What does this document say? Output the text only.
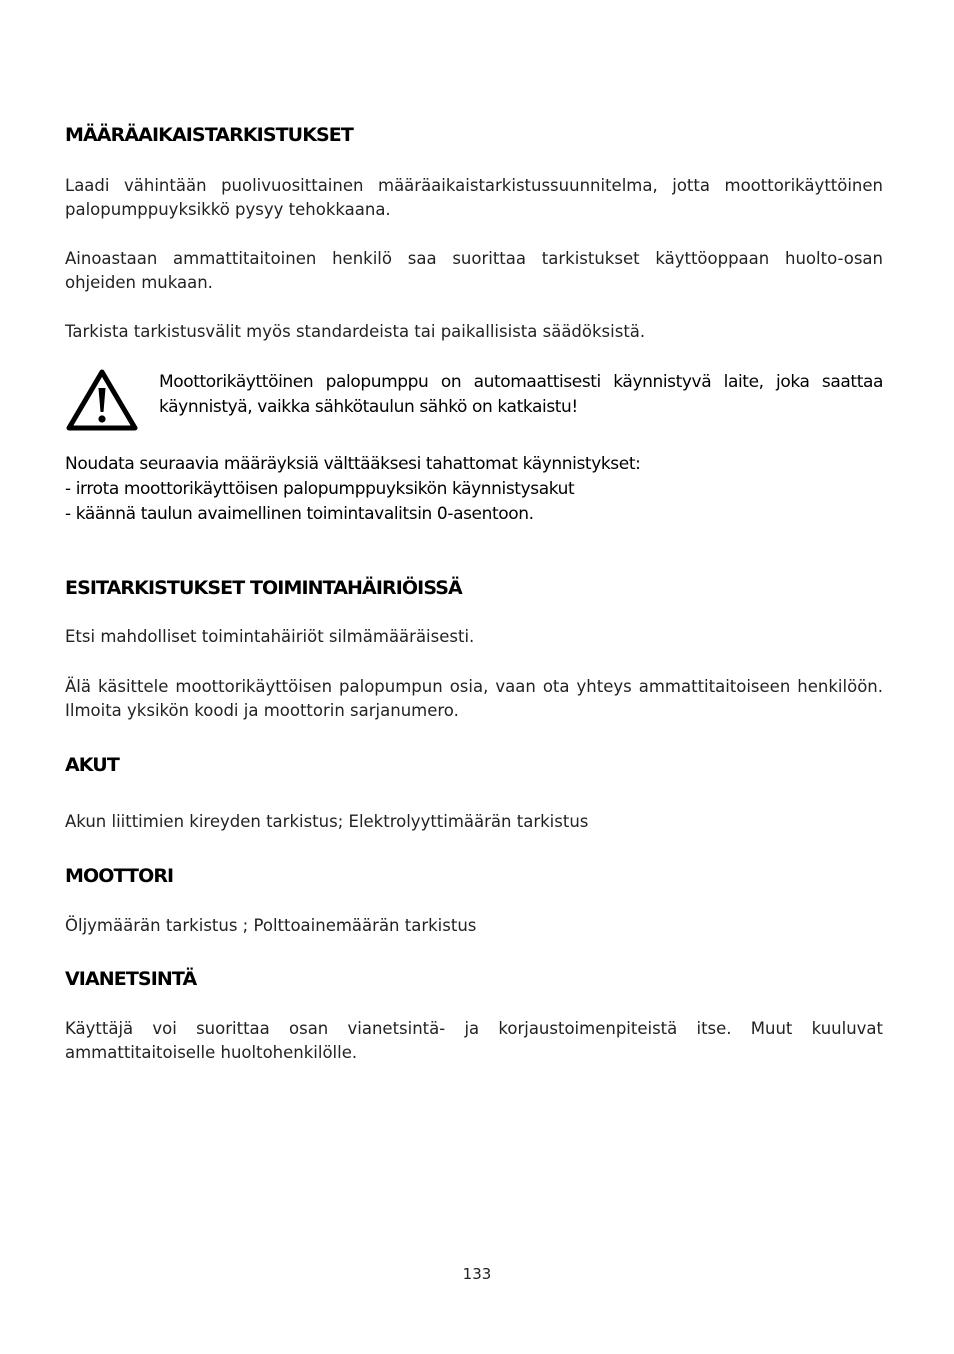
MÄÄRÄAIKAISTARKISTUKSET

Laadi vähintään puolivuosittainen määräaikaistarkistussuunnitelma, jotta moottorikäyttöinen palopumppuyksikkö pysyy tehokkaana.

Ainoastaan ammattitaitoinen henkilö saa suorittaa tarkistukset käyttöoppaan huolto-osan ohjeiden mukaan.

Tarkista tarkistusvälit myös standardeista tai paikallisista säädöksistä.

Moottorikäyttöinen palopumppu on automaattisesti käynnistyvä laite, joka saattaa käynnistyä, vaikka sähkötaulun sähkö on katkaistu!

Noudata seuraavia määräyksiä välttääksesi tahattomat käynnistykset:

- irrota moottorikäyttöisen palopumppuyksikön käynnistysakut

- käännä taulun avaimellinen toimintavalitsin 0-asentoon.

ESITARKISTUKSET TOIMINTAHÄIRIÖISSÄ

Etsi mahdolliset toimintahäiriöt silmämääräisesti.

Älä käsittele moottorikäyttöisen palopumpun osia, vaan ota yhteys ammattitaitoiseen henkilöön. Ilmoita yksikön koodi ja moottorin sarjanumero.

AKUT

Akun liittimien kireyden tarkistus; Elektrolyyttimäärän tarkistus

MOOTTORI

Öljymäärän tarkistus ; Polttoainemäärän tarkistus

VIANETSINTÄ

Käyttäjä voi suorittaa osan vianetsintä- ja korjaustoimenpiteistä itse. Muut kuuluvat ammattitaitoiselle huoltohenkilölle.

133
